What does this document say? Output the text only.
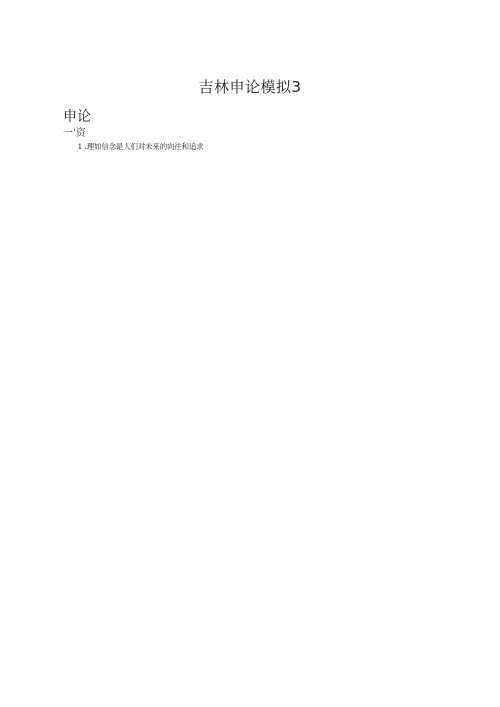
吉林申论模拟3
申论
一'资

1 .理如信念是人们对未来的向往和追求
